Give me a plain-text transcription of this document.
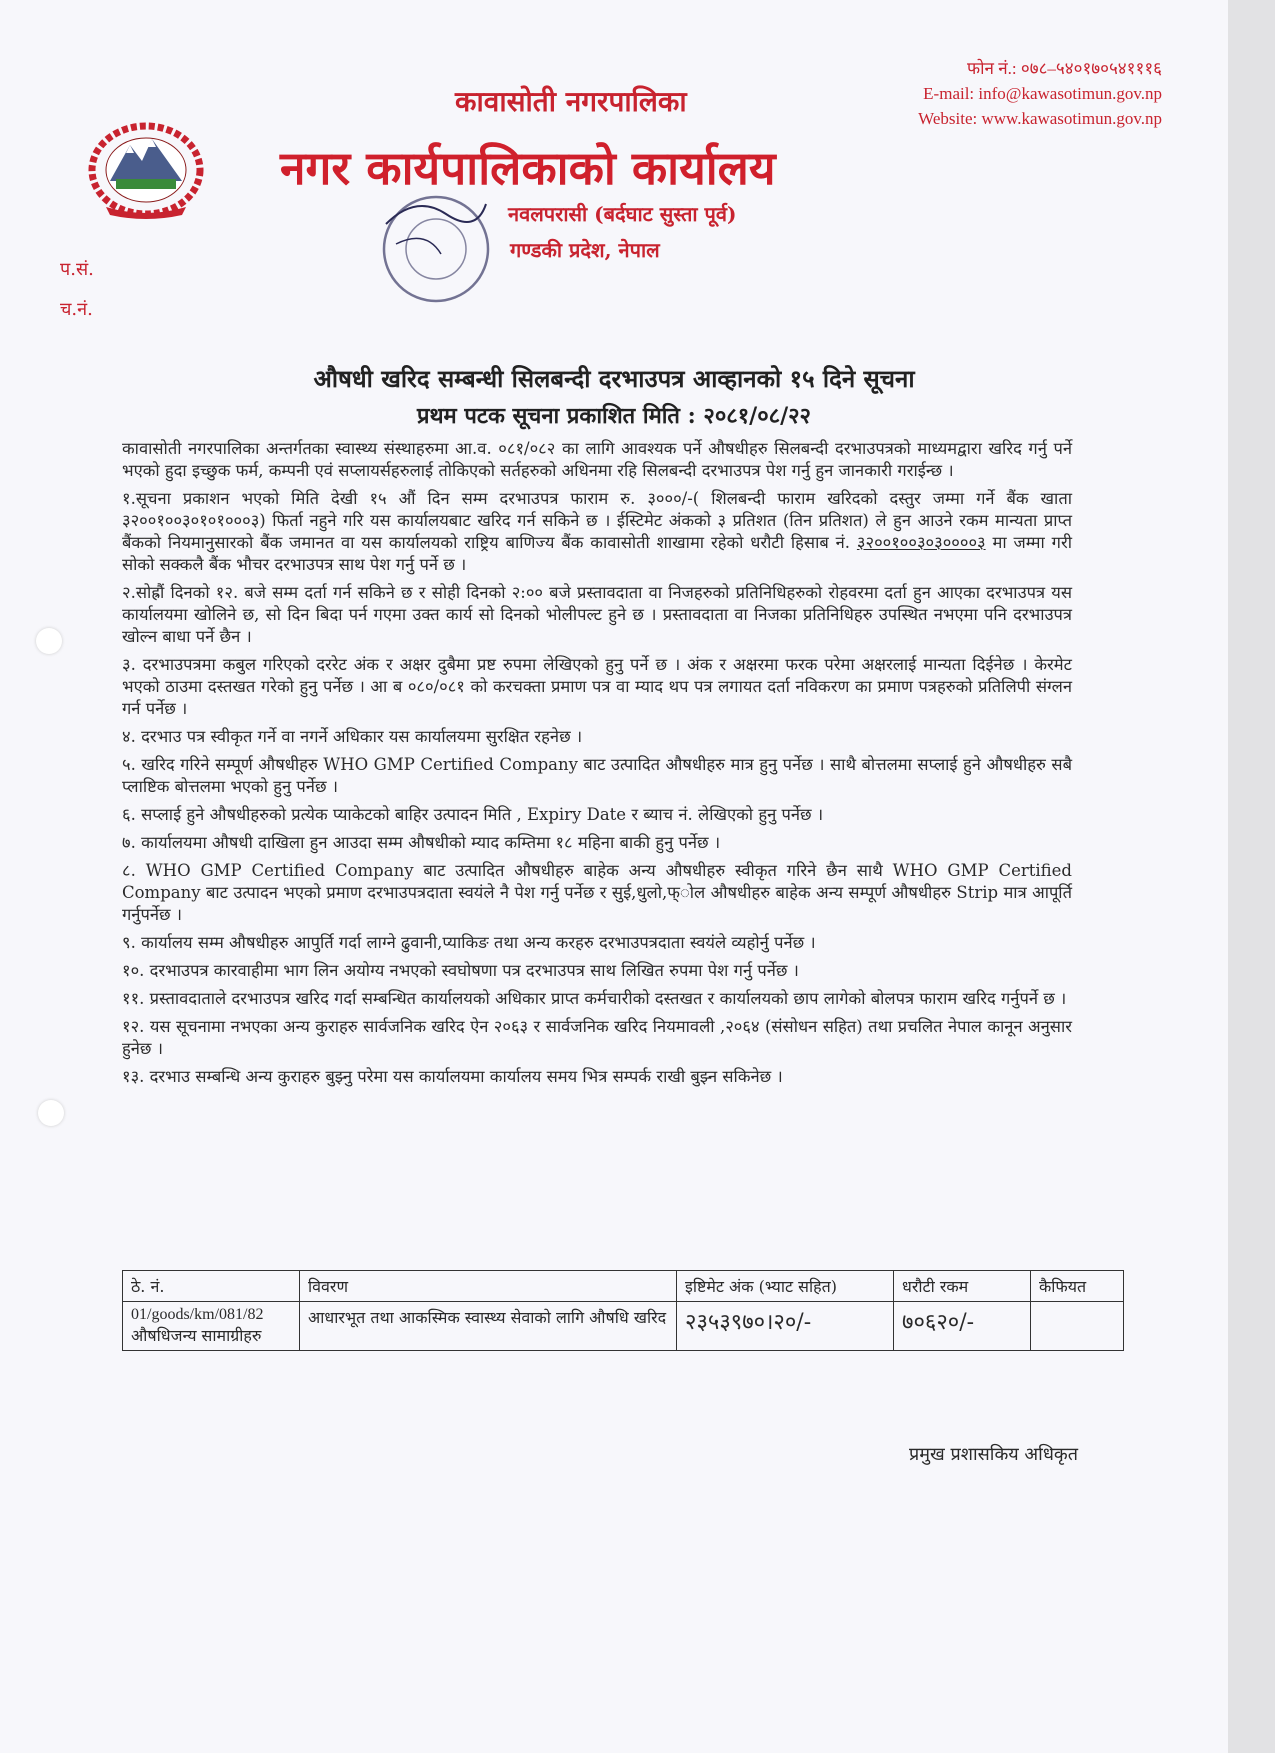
कावासोती नगरपालिका
नगर कार्यपालिकाको कार्यालय
नवलपरासी (बर्दघाट सुस्ता पूर्व)
गण्डकी प्रदेश, नेपाल
फोन नं.: ०७८–५४०१७०५४१११६
E-mail: info@kawasotimun.gov.np
Website: www.kawasotimun.gov.np
प.सं.
च.नं.
औषधी खरिद सम्बन्धी सिलबन्दी दरभाउपत्र आव्हानको १५ दिने सूचना
प्रथम पटक सूचना प्रकाशित मिति : २०८१/०८/२२

कावासोती नगरपालिका अन्तर्गतका स्वास्थ्य संस्थाहरुमा आ.व. ०८१/०८२ का लागि आवश्यक पर्ने औषधीहरु सिलबन्दी दरभाउपत्रको माध्यमद्वारा खरिद गर्नु पर्ने भएको हुदा इच्छुक फर्म, कम्पनी एवं सप्लायर्सहरुलाई तोकिएको सर्तहरुको अधिनमा रहि सिलबन्दी दरभाउपत्र पेश गर्नु हुन जानकारी गराईन्छ ।

१.सूचना प्रकाशन भएको मिति देखी १५ औं दिन सम्म दरभाउपत्र फाराम रु. ३०००/-( शिलबन्दी फाराम खरिदको दस्तुर जम्मा गर्ने बैंक खाता ३२००१००३०१०१०००३) फिर्ता नहुने गरि यस कार्यालयबाट खरिद गर्न सकिने छ । ईस्टिमेट अंकको ३ प्रतिशत (तिन प्रतिशत) ले हुन आउने रकम मान्यता प्राप्त बैंकको नियमानुसारको बैंक जमानत वा यस कार्यालयको राष्ट्रिय बाणिज्य बैंक कावासोती शाखामा रहेको धरौटी हिसाब नं. ३२००१००३०३००००३ मा जम्मा गरी सोको सक्कलै बैंक भौचर दरभाउपत्र साथ पेश गर्नु पर्ने छ ।

२.सोह्रौं दिनको १२. बजे सम्म दर्ता गर्न सकिने छ र सोही दिनको २:०० बजे प्रस्तावदाता वा निजहरुको प्रतिनिधिहरुको रोहवरमा दर्ता हुन आएका दरभाउपत्र यस कार्यालयमा खोलिने छ, सो दिन बिदा पर्न गएमा उक्त कार्य सो दिनको भोलीपल्ट हुने छ । प्रस्तावदाता वा निजका प्रतिनिधिहरु उपस्थित नभएमा पनि दरभाउपत्र खोल्न बाधा पर्ने छैन ।

३. दरभाउपत्रमा कबुल गरिएको दररेट अंक र अक्षर दुबैमा प्रष्ट रुपमा लेखिएको हुनु पर्ने छ । अंक र अक्षरमा फरक परेमा अक्षरलाई मान्यता दिईनेछ । केरमेट भएको ठाउमा दस्तखत गरेको हुनु पर्नेछ । आ ब ०८०/०८१ को करचक्ता प्रमाण पत्र वा म्याद थप पत्र लगायत दर्ता नविकरण का प्रमाण पत्रहरुको प्रतिलिपी संग्लन गर्न पर्नेछ ।

४. दरभाउ पत्र स्वीकृत गर्ने वा नगर्ने अधिकार यस कार्यालयमा सुरक्षित रहनेछ ।

५. खरिद गरिने सम्पूर्ण औषधीहरु WHO GMP Certified Company बाट उत्पादित औषधीहरु मात्र हुनु पर्नेछ । साथै बोत्तलमा सप्लाई हुने औषधीहरु सबै प्लाष्टिक बोत्तलमा भएको हुनु पर्नेछ ।

६. सप्लाई हुने औषधीहरुको प्रत्येक प्याकेटको बाहिर उत्पादन मिति , Expiry Date र ब्याच नं. लेखिएको हुनु पर्नेछ ।

७. कार्यालयमा औषधी दाखिला हुन आउदा सम्म औषधीको म्याद कम्तिमा १८ महिना बाकी हुनु पर्नेछ ।

८. WHO GMP Certified Company बाट उत्पादित औषधीहरु बाहेक अन्य औषधीहरु स्वीकृत गरिने छैन साथै WHO GMP Certified Company बाट उत्पादन भएको प्रमाण दरभाउपत्रदाता स्वयंले नै पेश गर्नु पर्नेछ र सुई,धुलो,फ्ोल औषधीहरु बाहेक अन्य सम्पूर्ण औषधीहरु Strip मात्र आपूर्ति गर्नुपर्नेछ ।

९. कार्यालय सम्म औषधीहरु आपुर्ति गर्दा लाग्ने ढुवानी,प्याकिङ तथा अन्य करहरु दरभाउपत्रदाता स्वयंले व्यहोर्नु पर्नेछ ।

१०. दरभाउपत्र कारवाहीमा भाग लिन अयोग्य नभएको स्वघोषणा पत्र दरभाउपत्र साथ लिखित रुपमा पेश गर्नु पर्नेछ ।

११. प्रस्तावदाताले दरभाउपत्र खरिद गर्दा सम्बन्धित कार्यालयको अधिकार प्राप्त कर्मचारीको दस्तखत र कार्यालयको छाप लागेको बोलपत्र फाराम खरिद गर्नुपर्ने छ ।

१२. यस सूचनामा नभएका अन्य कुराहरु सार्वजनिक खरिद ऐन २०६३ र सार्वजनिक खरिद नियमावली ,२०६४ (संसोधन सहित) तथा प्रचलित नेपाल कानून अनुसार हुनेछ ।

१३. दरभाउ सम्बन्धि अन्य कुराहरु बुझ्नु परेमा यस कार्यालयमा कार्यालय समय भित्र सम्पर्क राखी बुझ्न सकिनेछ ।

ठे. नं.	विवरण	इष्टिमेट अंक (भ्याट सहित)	धरौटी रकम	कैफियत

01/goods/km/081/82
औषधिजन्य सामाग्रीहरु	आधारभूत तथा आकस्मिक स्वास्थ्य सेवाको लागि औषधि खरिद	२३५३९७०।२०/-	७०६२०/-	
प्रमुख प्रशासकिय अधिकृत
